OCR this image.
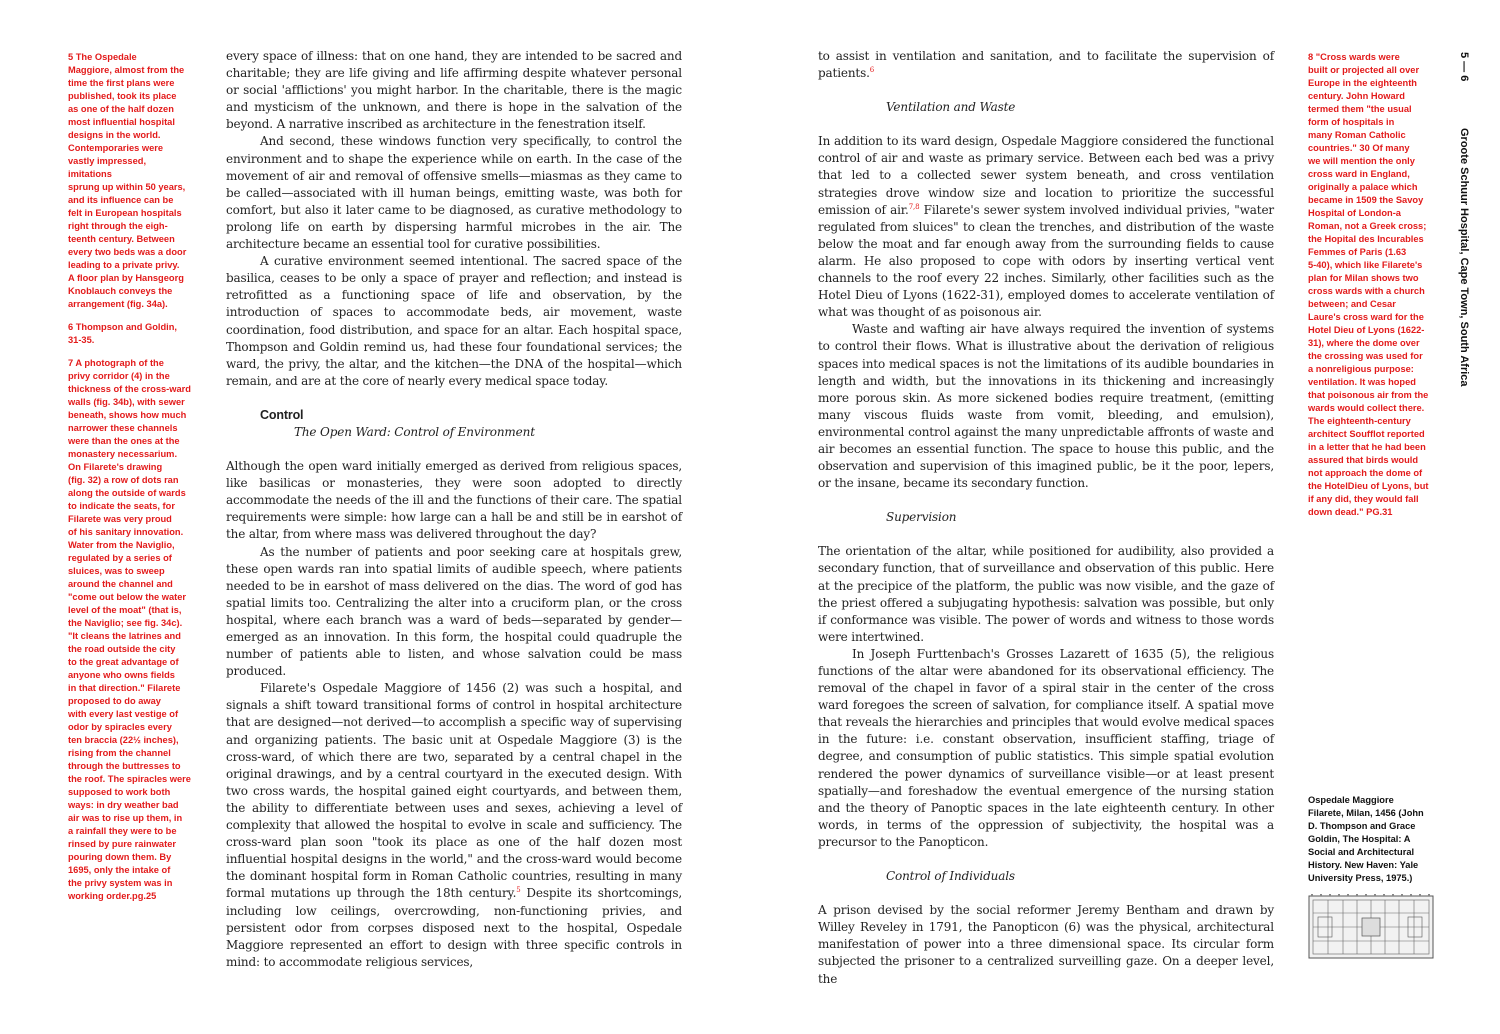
5 The Ospedale
Maggiore, almost from the
time the first plans were
published, took its place
as one of the half dozen
most influential hospital
designs in the world.
Contemporaries were
vastly impressed, imitations
sprung up within 50 years,
and its influence can be
felt in European hospitals
right through the eigh-
teenth century. Between
every two beds was a door
leading to a private privy.
A floor plan by Hansgeorg
Knoblauch conveys the
arrangement (fig. 34a).

6 Thompson and Goldin,
31-35.

7 A photograph of the
privy corridor (4) in the
thickness of the cross-ward
walls (fig. 34b), with sewer
beneath, shows how much
narrower these channels
were than the ones at the
monastery necessarium.
On Filarete's drawing
(fig. 32) a row of dots ran
along the outside of wards
to indicate the seats, for
Filarete was very proud
of his sanitary innovation.
Water from the Naviglio,
regulated by a series of
sluices, was to sweep
around the channel and
"come out below the water
level of the moat" (that is,
the Naviglio; see fig. 34c).
"It cleans the latrines and
the road outside the city
to the great advantage of
anyone who owns fields
in that direction." Filarete
proposed to do away
with every last vestige of
odor by spiracles every
ten braccia (22½ inches),
rising from the channel
through the buttresses to
the roof. The spiracles were
supposed to work both
ways: in dry weather bad
air was to rise up them, in
a rainfall they were to be
rinsed by pure rainwater
pouring down them. By
1695, only the intake of
the privy system was in
working order.pg.25

every space of illness: that on one hand, they are intended to be sacred and charitable; they are life giving and life affirming despite whatever personal or social 'afflictions' you might harbor. In the charitable, there is the magic and mysticism of the unknown, and there is hope in the salvation of the beyond. A narrative inscribed as architecture in the fenestration itself.

And second, these windows function very specifically, to control the environment and to shape the experience while on earth. In the case of the movement of air and removal of offensive smells—miasmas as they came to be called—associated with ill human beings, emitting waste, was both for comfort, but also it later came to be diagnosed, as curative methodology to prolong life on earth by dispersing harmful microbes in the air. The architecture became an essential tool for curative possibilities.

A curative environment seemed intentional. The sacred space of the basilica, ceases to be only a space of prayer and reflection; and instead is retrofitted as a functioning space of life and observation, by the introduction of spaces to accommodate beds, air movement, waste coordination, food distribution, and space for an altar. Each hospital space, Thompson and Goldin remind us, had these four foundational services; the ward, the privy, the altar, and the kitchen—the DNA of the hospital—which remain, and are at the core of nearly every medical space today.

Control

The Open Ward: Control of Environment

Although the open ward initially emerged as derived from religious spaces, like basilicas or monasteries, they were soon adopted to directly accommodate the needs of the ill and the functions of their care. The spatial requirements were simple: how large can a hall be and still be in earshot of the altar, from where mass was delivered throughout the day?

As the number of patients and poor seeking care at hospitals grew, these open wards ran into spatial limits of audible speech, where patients needed to be in earshot of mass delivered on the dias. The word of god has spatial limits too. Centralizing the alter into a cruciform plan, or the cross hospital, where each branch was a ward of beds—separated by gender—emerged as an innovation. In this form, the hospital could quadruple the number of patients able to listen, and whose salvation could be mass produced.

Filarete's Ospedale Maggiore of 1456 (2) was such a hospital, and signals a shift toward transitional forms of control in hospital architecture that are designed—not derived—to accomplish a specific way of supervising and organizing patients. The basic unit at Ospedale Maggiore (3) is the cross-ward, of which there are two, separated by a central chapel in the original drawings, and by a central courtyard in the executed design. With two cross wards, the hospital gained eight courtyards, and between them, the ability to differentiate between uses and sexes, achieving a level of complexity that allowed the hospital to evolve in scale and sufficiency. The cross-ward plan soon "took its place as one of the half dozen most influential hospital designs in the world," and the cross-ward would become the dominant hospital form in Roman Catholic countries, resulting in many formal mutations up through the 18th century.$^5$ Despite its shortcomings, including low ceilings, overcrowding, non-functioning privies, and persistent odor from corpses disposed next to the hospital, Ospedale Maggiore represented an effort to design with three specific controls in mind: to accommodate religious services,

to assist in ventilation and sanitation, and to facilitate the supervision of patients.$^6$

Ventilation and Waste

In addition to its ward design, Ospedale Maggiore considered the functional control of air and waste as primary service. Between each bed was a privy that led to a collected sewer system beneath, and cross ventilation strategies drove window size and location to prioritize the successful emission of air.$^{7,8}$ Filarete's sewer system involved individual privies, "water regulated from sluices" to clean the trenches, and distribution of the waste below the moat and far enough away from the surrounding fields to cause alarm. He also proposed to cope with odors by inserting vertical vent channels to the roof every 22 inches. Similarly, other facilities such as the Hotel Dieu of Lyons (1622-31), employed domes to accelerate ventilation of what was thought of as poisonous air.

Waste and wafting air have always required the invention of systems to control their flows. What is illustrative about the derivation of religious spaces into medical spaces is not the limitations of its audible boundaries in length and width, but the innovations in its thickening and increasingly more porous skin. As more sickened bodies require treatment, (emitting many viscous fluids waste from vomit, bleeding, and emulsion), environmental control against the many unpredictable affronts of waste and air becomes an essential function. The space to house this public, and the observation and supervision of this imagined public, be it the poor, lepers, or the insane, became its secondary function.

Supervision

The orientation of the altar, while positioned for audibility, also provided a secondary function, that of surveillance and observation of this public. Here at the precipice of the platform, the public was now visible, and the gaze of the priest offered a subjugating hypothesis: salvation was possible, but only if conformance was visible. The power of words and witness to those words were intertwined.

In Joseph Furttenbach's Grosses Lazarett of 1635 (5), the religious functions of the altar were abandoned for its observational efficiency. The removal of the chapel in favor of a spiral stair in the center of the cross ward foregoes the screen of salvation, for compliance itself. A spatial move that reveals the hierarchies and principles that would evolve medical spaces in the future: i.e. constant observation, insufficient staffing, triage of degree, and consumption of public statistics. This simple spatial evolution rendered the power dynamics of surveillance visible—or at least present spatially—and foreshadow the eventual emergence of the nursing station and the theory of Panoptic spaces in the late eighteenth century. In other words, in terms of the oppression of subjectivity, the hospital was a precursor to the Panopticon.

Control of Individuals

A prison devised by the social reformer Jeremy Bentham and drawn by Willey Reveley in 1791, the Panopticon (6) was the physical, architectural manifestation of power into a three dimensional space. Its circular form subjected the prisoner to a centralized surveilling gaze. On a deeper level, the

8 "Cross wards were
built or projected all over
Europe in the eighteenth
century. John Howard
termed them "the usual
form of hospitals in
many Roman Catholic
countries." 30 Of many
we will mention the only
cross ward in England,
originally a palace which
became in 1509 the Savoy
Hospital of London-a
Roman, not a Greek cross;
the Hopital des Incurables
Femmes of Paris (1.63
5-40), which like Filarete's
plan for Milan shows two
cross wards with a church
between; and Cesar
Laure's cross ward for the
Hotel Dieu of Lyons (1622-
31), where the dome over
the crossing was used for
a nonreligious purpose:
ventilation. It was hoped
that poisonous air from the
wards would collect there.
The eighteenth-century
architect Soufflot reported
in a letter that he had been
assured that birds would
not approach the dome of
the HotelDieu of Lyons, but
if any did, they would fall
down dead." PG.31

Ospedale Maggiore
Filarete, Milan, 1456 (John
D. Thompson and Grace
Goldin, The Hospital: A
Social and Architectural
History. New Haven: Yale
University Press, 1975.)
5 — 6
Groote Schuur Hospital, Cape Town, South Africa
